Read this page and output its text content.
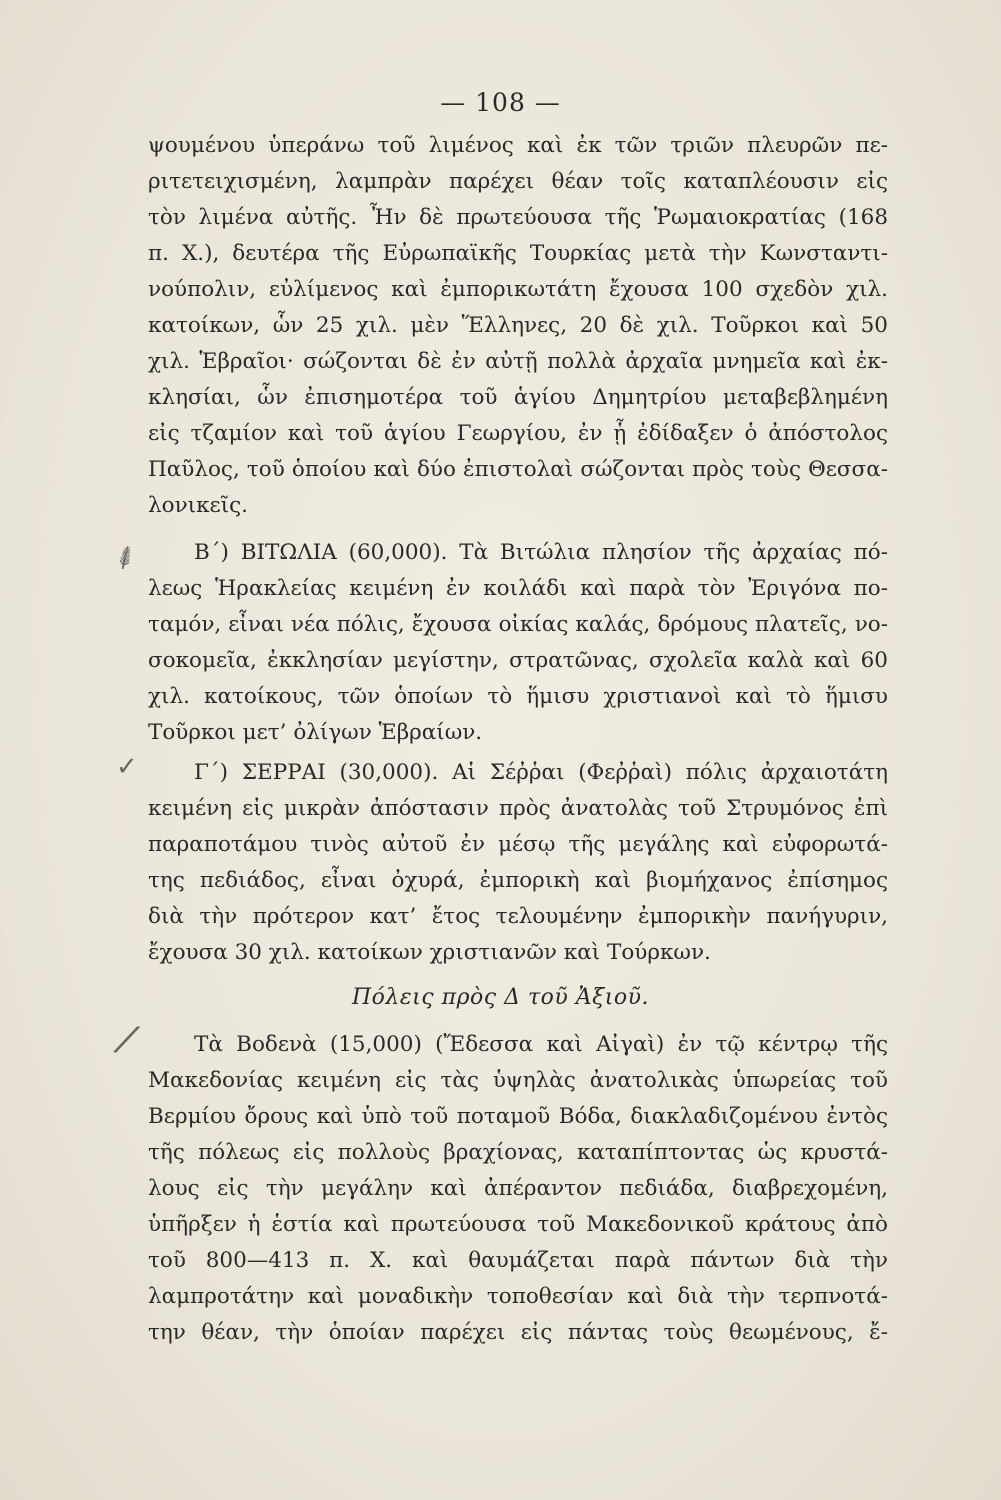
— 108 —
ψουμένου ὑπεράνω τοῦ λιμένος καὶ ἐκ τῶν τριῶν πλευρῶν πε-
ριτετειχισμένη, λαμπρὰν παρέχει θέαν τοῖς καταπλέουσιν εἰς
τὸν λιμένα αὐτῆς. Ἦν δὲ πρωτεύουσα τῆς Ῥωμαιοκρατίας (168
π. Χ.), δευτέρα τῆς Εὐρωπαϊκῆς Τουρκίας μετὰ τὴν Κωνσταντι-
νούπολιν, εὐλίμενος καὶ ἐμπορικωτάτη ἔχουσα 100 σχεδὸν χιλ.
κατοίκων, ὧν 25 χιλ. μὲν Ἕλληνες, 20 δὲ χιλ. Τοῦρκοι καὶ 50
χιλ. Ἑβραῖοι· σώζονται δὲ ἐν αὐτῇ πολλὰ ἀρχαῖα μνημεῖα καὶ ἐκ-
κλησίαι, ὧν ἐπισημοτέρα τοῦ ἁγίου Δημητρίου μεταβεβλημένη
εἰς τζαμίον καὶ τοῦ ἁγίου Γεωργίου, ἐν ᾗ ἐδίδαξεν ὁ ἀπόστολος
Παῦλος, τοῦ ὁποίου καὶ δύο ἐπιστολαὶ σώζονται πρὸς τοὺς Θεσσα-
λονικεῖς.
⸙	Β΄) ΒΙΤΩΛΙΑ (60,000). Τὰ Βιτώλια πλησίον τῆς ἀρχαίας πό-
λεως Ἡρακλείας κειμένη ἐν κοιλάδι καὶ παρὰ τὸν Ἐριγόνα πο-
ταμόν, εἶναι νέα πόλις, ἔχουσα οἰκίας καλάς, δρόμους πλατεῖς, νο-
σοκομεῖα, ἐκκλησίαν μεγίστην, στρατῶνας, σχολεῖα καλὰ καὶ 60
χιλ. κατοίκους, τῶν ὁποίων τὸ ἥμισυ χριστιανοὶ καὶ τὸ ἥμισυ
Τοῦρκοι μετ’ ὀλίγων Ἑβραίων.
✓	Γ΄) ΣΕΡΡΑΙ (30,000). Αἱ Σέῤῥαι (Φεῤῥαὶ) πόλις ἀρχαιοτάτη
κειμένη εἰς μικρὰν ἀπόστασιν πρὸς ἀνατολὰς τοῦ Στρυμόνος ἐπὶ
παραποτάμου τινὸς αὐτοῦ ἐν μέσῳ τῆς μεγάλης καὶ εὐφορωτά-
της πεδιάδος, εἶναι ὀχυρά, ἐμπορικὴ καὶ βιομήχανος ἐπίσημος
διὰ τὴν πρότερον κατ’ ἔτος τελουμένην ἐμπορικὴν πανήγυριν,
ἔχουσα 30 χιλ. κατοίκων χριστιανῶν καὶ Τούρκων.
Πόλεις πρὸς Δ τοῦ Ἀξιοῦ.
⁄	Τὰ Βοδενὰ (15,000) (Ἔδεσσα καὶ Αἰγαὶ) ἐν τῷ κέντρῳ τῆς
Μακεδονίας κειμένη εἰς τὰς ὑψηλὰς ἀνατολικὰς ὑπωρείας τοῦ
Βερμίου ὄρους καὶ ὑπὸ τοῦ ποταμοῦ Βόδα, διακλαδιζομένου ἐντὸς
τῆς πόλεως εἰς πολλοὺς βραχίονας, καταπίπτοντας ὡς κρυστά-
λους εἰς τὴν μεγάλην καὶ ἀπέραντον πεδιάδα, διαβρεχομένη,
ὑπῆρξεν ἡ ἑστία καὶ πρωτεύουσα τοῦ Μακεδονικοῦ κράτους ἀπὸ
τοῦ 800—413 π. Χ. καὶ θαυμάζεται παρὰ πάντων διὰ τὴν
λαμπροτάτην καὶ μοναδικὴν τοποθεσίαν καὶ διὰ τὴν τερπνοτά-
την θέαν, τὴν ὁποίαν παρέχει εἰς πάντας τοὺς θεωμένους, ἔ-
